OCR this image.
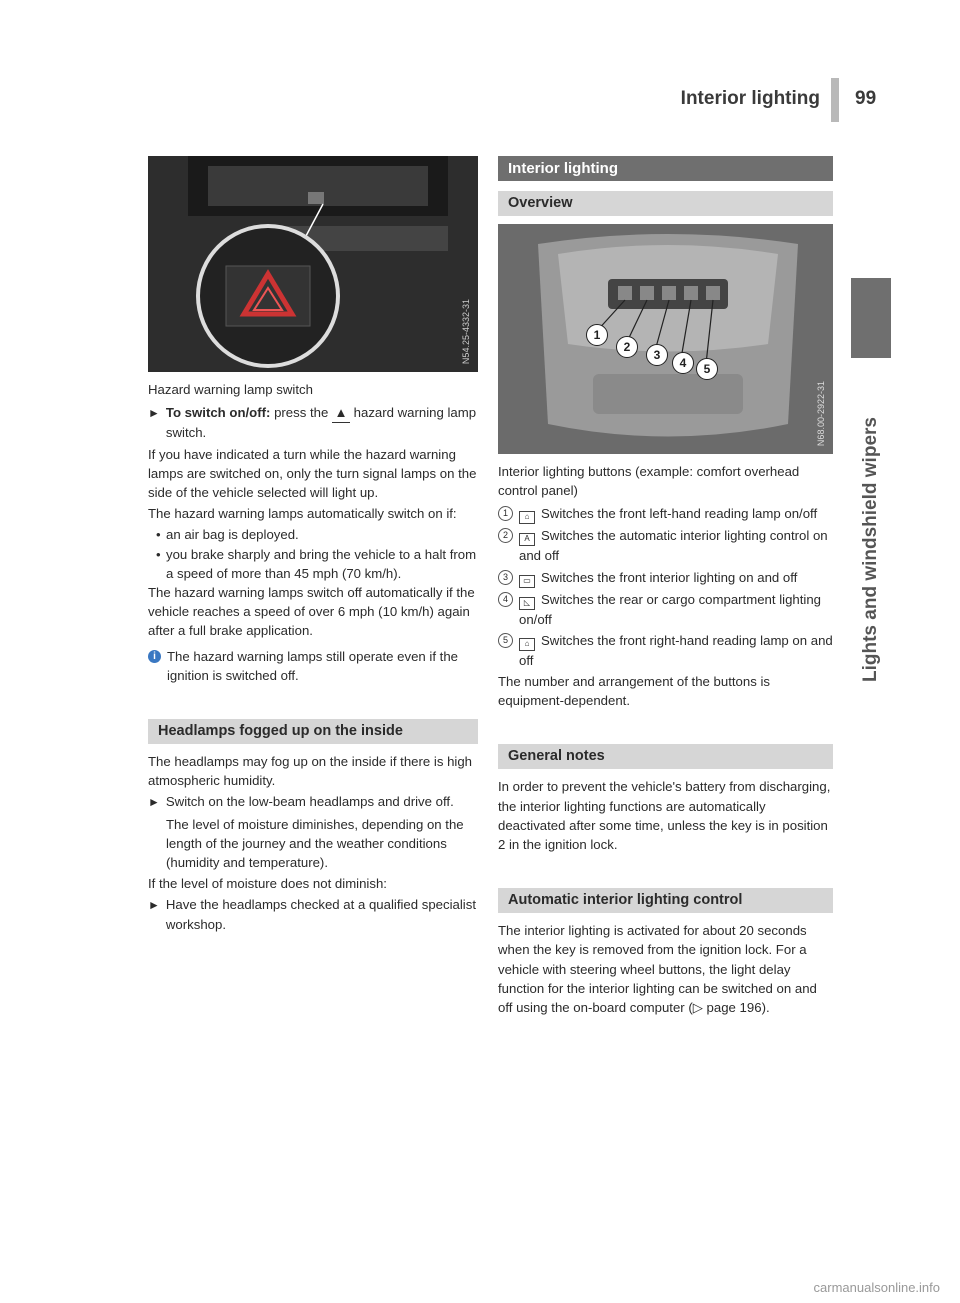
Interior lighting 99
Lights and windshield wipers
N54.25-4332-31

Hazard warning lamp switch

► To switch on/off: press the ▲ hazard warning lamp switch.

If you have indicated a turn while the hazard warning lamps are switched on, only the turn signal lamps on the side of the vehicle selected will light up.

The hazard warning lamps automatically switch on if:

• an air bag is deployed.
• you brake sharply and bring the vehicle to a halt from a speed of more than 45 mph (70 km/h).

The hazard warning lamps switch off automatically if the vehicle reaches a speed of over 6 mph (10 km/h) again after a full brake application.

i The hazard warning lamps still operate even if the ignition is switched off.
Headlamps fogged up on the inside

The headlamps may fog up on the inside if there is high atmospheric humidity.

► Switch on the low-beam headlamps and drive off.

The level of moisture diminishes, depending on the length of the journey and the weather conditions (humidity and temperature).

If the level of moisture does not diminish:

► Have the headlamps checked at a qualified specialist workshop.
Interior lighting
Overview
1
2
3
4	5
N68.00-2922-31

Interior lighting buttons (example: comfort overhead control panel)

1	⌂ Switches the front left-hand reading lamp on/off
2	A Switches the automatic interior lighting control on and off
3	▭ Switches the front interior lighting on and off
4	◺ Switches the rear or cargo compartment lighting on/off
5	⌂ Switches the front right-hand reading lamp on and off

The number and arrangement of the buttons is equipment-dependent.

General notes

In order to prevent the vehicle's battery from discharging, the interior lighting functions are automatically deactivated after some time, unless the key is in position 2 in the ignition lock.

Automatic interior lighting control

The interior lighting is activated for about 20 seconds when the key is removed from the ignition lock. For a vehicle with steering wheel buttons, the light delay function for the interior lighting can be switched on and off using the on-board computer (▷ page 196).

carmanualsonline.info
